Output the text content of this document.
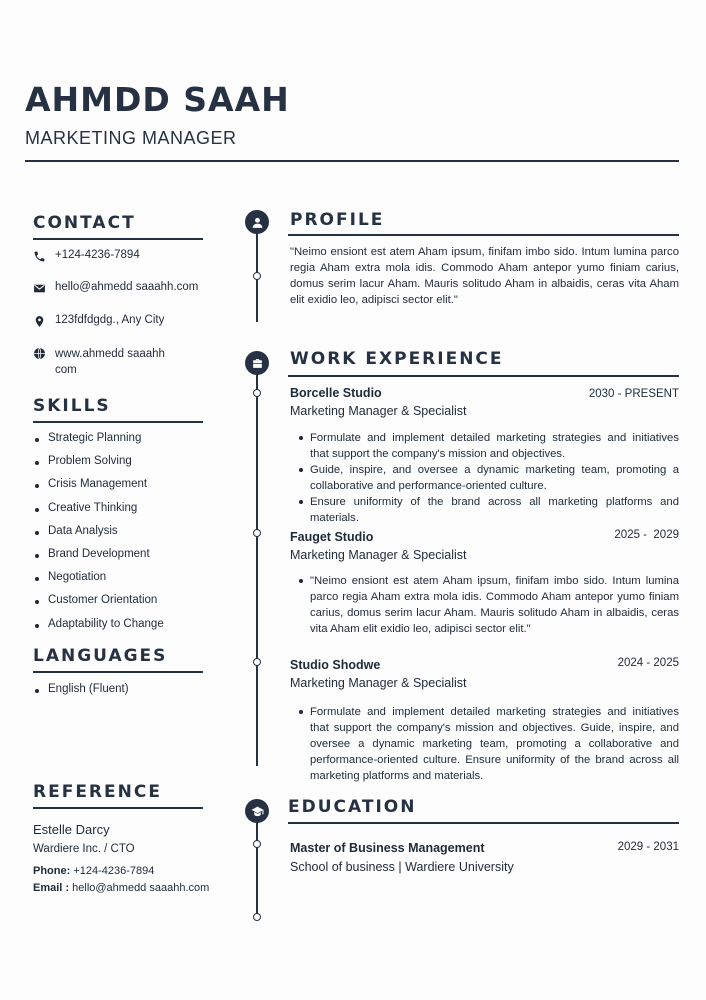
AHMDD SAAH
MARKETING MANAGER
CONTACT
+124-4236-7894
hello@ahmedd saaahh.com
123fdfdgdg., Any City
www.ahmedd saaahh
com
SKILLS
Strategic Planning
Problem Solving
Crisis Management
Creative Thinking
Data Analysis
Brand Development
Negotiation
Customer Orientation
Adaptability to Change
LANGUAGES
English (Fluent)
REFERENCE
Estelle Darcy
Wardiere Inc. / CTO
Phone: +124-4236-7894
Email : hello@ahmedd saaahh.com
PROFILE
"Neimo ensiont est atem Aham ipsum, finifam imbo sido. Intum lumina parco regia Aham extra mola idis. Commodo Aham antepor yumo finiam carius, domus serim lacur Aham. Mauris solitudo Aham in albaidis, ceras vita Aham elit exidio leo, adipisci sector elit."
WORK EXPERIENCE
Borcelle Studio	2030 - PRESENT
Marketing Manager & Specialist
Formulate and implement detailed marketing strategies and initiatives that support the company's mission and objectives.
Guide, inspire, and oversee a dynamic marketing team, promoting a collaborative and performance-oriented culture.
Ensure uniformity of the brand across all marketing platforms and materials.
Fauget Studio	2025 -  2029
Marketing Manager & Specialist
"Neimo ensiont est atem Aham ipsum, finifam imbo sido. Intum lumina parco regia Aham extra mola idis. Commodo Aham antepor yumo finiam carius, domus serim lacur Aham. Mauris solitudo Aham in albaidis, ceras vita Aham elit exidio leo, adipisci sector elit."
Studio Shodwe	2024 - 2025
Marketing Manager & Specialist
Formulate and implement detailed marketing strategies and initiatives that support the company's mission and objectives. Guide, inspire, and oversee a dynamic marketing team, promoting a collaborative and performance-oriented culture. Ensure uniformity of the brand across all marketing platforms and materials.
EDUCATION
Master of Business Management	2029 - 2031
School of business | Wardiere University
